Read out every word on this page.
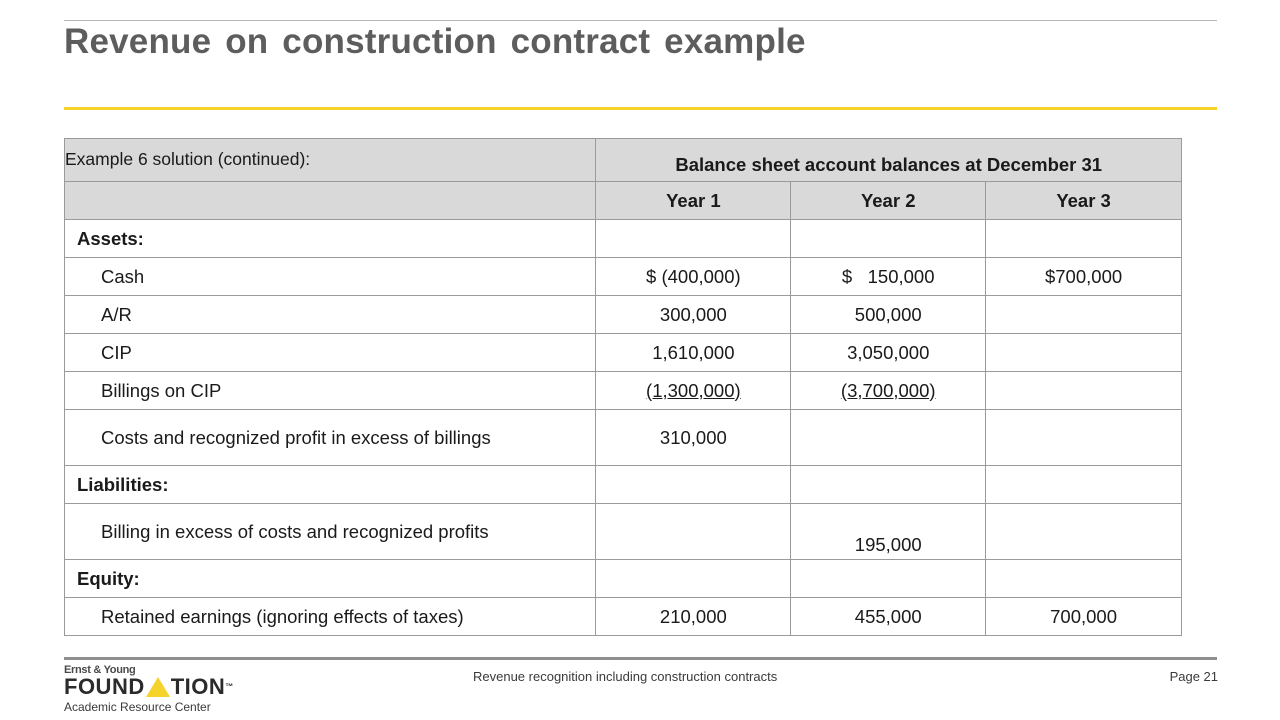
Revenue on construction contract example
Example 6 solution (continued):	Balance sheet account balances at December 31		
	Year 1	Year 2	Year 3
Assets:			
Cash	$ (400,000)	$   150,000	$700,000
A/R	300,000	500,000	
CIP	1,610,000	3,050,000	
Billings on CIP	(1,300,000)	(3,700,000)	

Costs and recognized profit in excess of billings	310,000		
Liabilities:			

Billing in excess of costs and recognized profits		195,000	
Equity:			
Retained earnings (ignoring effects of taxes)	210,000	455,000	700,000
Ernst & Young
FOUND TION ™
Academic Resource Center
Revenue recognition including construction contracts	Page 21
